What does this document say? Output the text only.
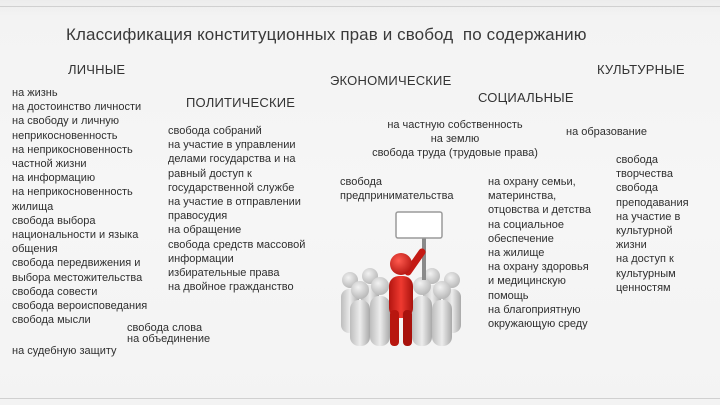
Классификация конституционных прав и свобод  по содержанию
ЛИЧНЫЕ
ПОЛИТИЧЕСКИЕ
ЭКОНОМИЧЕСКИЕ
СОЦИАЛЬНЫЕ
КУЛЬТУРНЫЕ
на жизнь
на достоинство личности
на свободу и личную
неприкосновенность
на неприкосновенность
частной жизни
на информацию
на неприкосновенность
жилища
свобода выбора
национальности и языка
общения
свобода передвижения и
выбора местожительства
свобода совести
свобода вероисповедания
свобода мысли
на судебную защиту
свобода слова
на объединение
свобода собраний
на участие в управлении
делами государства и на
равный доступ к
государственной службе
на участие в отправлении
правосудия
на обращение
свобода средств массовой
информации
избирательные права
на двойное гражданство
на частную собственность
на землю
свобода труда (трудовые права)
на образование
свобода
предпринимательства
на охрану семьи,
материнства,
отцовства и детства
на социальное
обеспечение
на жилище
на охрану здоровья
и медицинскую
помощь
на благоприятную
окружающую среду
свобода
творчества
свобода
преподавания
на участие в
культурной
жизни
на доступ к
культурным
ценностям
